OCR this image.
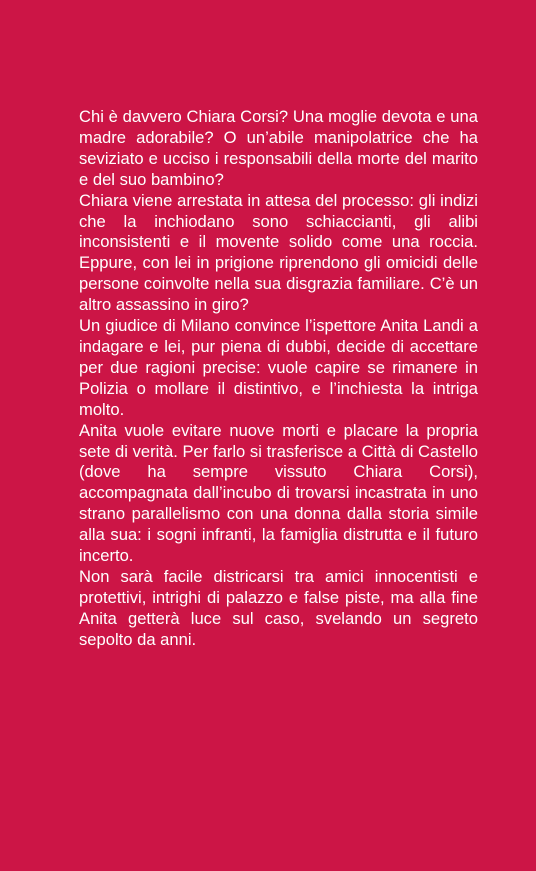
Chi è davvero Chiara Corsi? Una moglie devota e una madre adorabile? O un’abile manipolatrice che ha seviziato e ucciso i responsabili della morte del marito e del suo bambino?

Chiara viene arrestata in attesa del processo: gli indizi che la inchiodano sono schiaccianti, gli alibi inconsistenti e il movente solido come una roccia. Eppure, con lei in prigione riprendono gli omicidi delle persone coinvolte nella sua disgrazia familiare. C’è un altro assassino in giro?

Un giudice di Milano convince l’ispettore Anita Landi a indagare e lei, pur piena di dubbi, decide di accettare per due ragioni precise: vuole capire se rimanere in Polizia o mollare il distintivo, e l’inchiesta la intriga molto.

Anita vuole evitare nuove morti e placare la propria sete di verità. Per farlo si trasferisce a Città di Castello (dove ha sempre vissuto Chiara Corsi), accompagnata dall’incubo di trovarsi incastrata in uno strano parallelismo con una donna dalla storia simile alla sua: i sogni infranti, la famiglia distrutta e il futuro incerto.

Non sarà facile districarsi tra amici innocentisti e protettivi, intrighi di palazzo e false piste, ma alla fine Anita getterà luce sul caso, svelando un segreto sepolto da anni.
